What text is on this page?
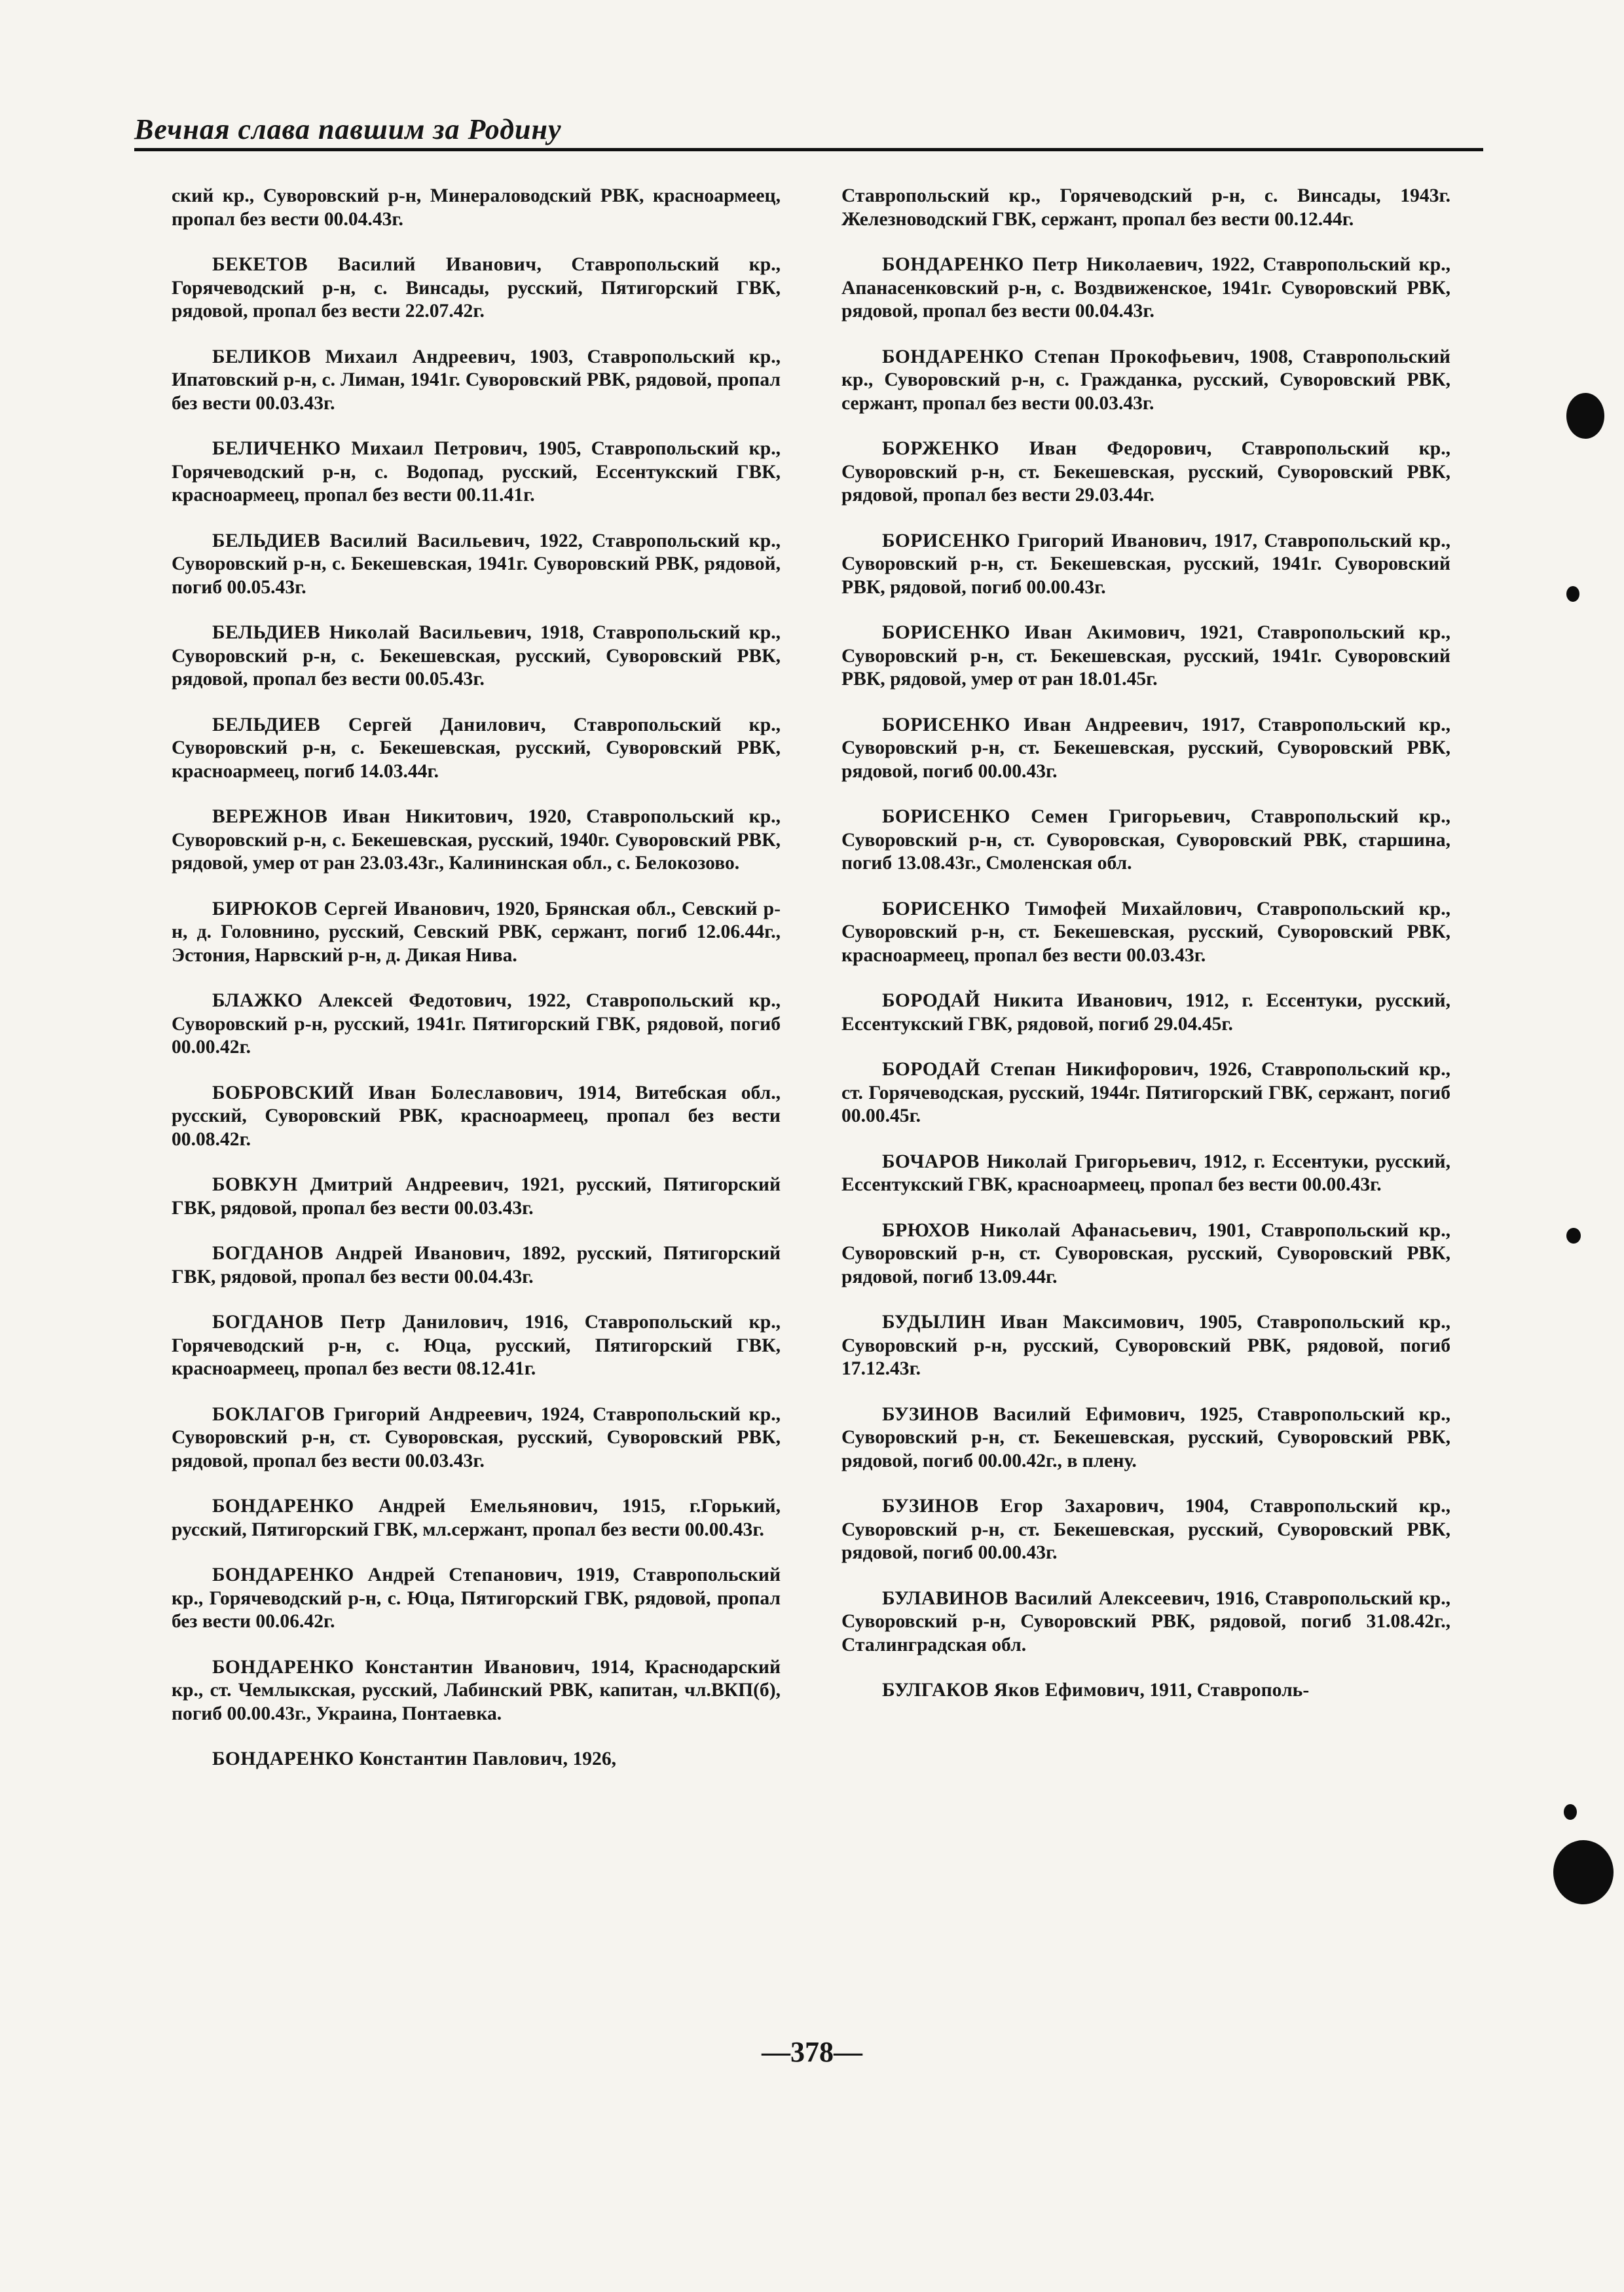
Вечная слава павшим за Родину

ский кр., Суворовский р-н, Минераловодский РВК, красноармеец, пропал без вести 00.04.43г.

БЕКЕТОВ Василий Иванович, Ставропольский кр., Горячеводский р-н, с. Винсады, русский, Пятигорский ГВК, рядовой, пропал без вести 22.07.42г.

БЕЛИКОВ Михаил Андреевич, 1903, Ставропольский кр., Ипатовский р-н, с. Лиман, 1941г. Суворовский РВК, рядовой, пропал без вести 00.03.43г.

БЕЛИЧЕНКО Михаил Петрович, 1905, Ставропольский кр., Горячеводский р-н, с. Водопад, русский, Ессентукский ГВК, красноармеец, пропал без вести 00.11.41г.

БЕЛЬДИЕВ Василий Васильевич, 1922, Ставропольский кр., Суворовский р-н, с. Бекешевская, 1941г. Суворовский РВК, рядовой, погиб 00.05.43г.

БЕЛЬДИЕВ Николай Васильевич, 1918, Ставропольский кр., Суворовский р-н, с. Бекешевская, русский, Суворовский РВК, рядовой, пропал без вести 00.05.43г.

БЕЛЬДИЕВ Сергей Данилович, Ставропольский кр., Суворовский р-н, с. Бекешевская, русский, Суворовский РВК, красноармеец, погиб 14.03.44г.

ВЕРЕЖНОВ Иван Никитович, 1920, Ставропольский кр., Суворовский р-н, с. Бекешевская, русский, 1940г. Суворовский РВК, рядовой, умер от ран 23.03.43г., Калининская обл., с. Белокозово.

БИРЮКОВ Сергей Иванович, 1920, Брянская обл., Севский р-н, д. Головнино, русский, Севский РВК, сержант, погиб 12.06.44г., Эстония, Нарвский р-н, д. Дикая Нива.

БЛАЖКО Алексей Федотович, 1922, Ставропольский кр., Суворовский р-н, русский, 1941г. Пятигорский ГВК, рядовой, погиб 00.00.42г.

БОБРОВСКИЙ Иван Болеславович, 1914, Витебская обл., русский, Суворовский РВК, красноармеец, пропал без вести 00.08.42г.

БОВКУН Дмитрий Андреевич, 1921, русский, Пятигорский ГВК, рядовой, пропал без вести 00.03.43г.

БОГДАНОВ Андрей Иванович, 1892, русский, Пятигорский ГВК, рядовой, пропал без вести 00.04.43г.

БОГДАНОВ Петр Данилович, 1916, Ставропольский кр., Горячеводский р-н, с. Юца, русский, Пятигорский ГВК, красноармеец, пропал без вести 08.12.41г.

БОКЛАГОВ Григорий Андреевич, 1924, Ставропольский кр., Суворовский р-н, ст. Суворовская, русский, Суворовский РВК, рядовой, пропал без вести 00.03.43г.

БОНДАРЕНКО Андрей Емельянович, 1915, г.Горький, русский, Пятигорский ГВК, мл.сержант, пропал без вести 00.00.43г.

БОНДАРЕНКО Андрей Степанович, 1919, Ставропольский кр., Горячеводский р-н, с. Юца, Пятигорский ГВК, рядовой, пропал без вести 00.06.42г.

БОНДАРЕНКО Константин Иванович, 1914, Краснодарский кр., ст. Чемлыкская, русский, Лабинский РВК, капитан, чл.ВКП(б), погиб 00.00.43г., Украина, Понтаевка.

БОНДАРЕНКО Константин Павлович, 1926,

Ставропольский кр., Горячеводский р-н, с. Винсады, 1943г. Железноводский ГВК, сержант, пропал без вести 00.12.44г.

БОНДАРЕНКО Петр Николаевич, 1922, Ставропольский кр., Апанасенковский р-н, с. Воздвиженское, 1941г. Суворовский РВК, рядовой, пропал без вести 00.04.43г.

БОНДАРЕНКО Степан Прокофьевич, 1908, Ставропольский кр., Суворовский р-н, с. Гражданка, русский, Суворовский РВК, сержант, пропал без вести 00.03.43г.

БОРЖЕНКО Иван Федорович, Ставропольский кр., Суворовский р-н, ст. Бекешевская, русский, Суворовский РВК, рядовой, пропал без вести 29.03.44г.

БОРИСЕНКО Григорий Иванович, 1917, Ставропольский кр., Суворовский р-н, ст. Бекешевская, русский, 1941г. Суворовский РВК, рядовой, погиб 00.00.43г.

БОРИСЕНКО Иван Акимович, 1921, Ставропольский кр., Суворовский р-н, ст. Бекешевская, русский, 1941г. Суворовский РВК, рядовой, умер от ран 18.01.45г.

БОРИСЕНКО Иван Андреевич, 1917, Ставропольский кр., Суворовский р-н, ст. Бекешевская, русский, Суворовский РВК, рядовой, погиб 00.00.43г.

БОРИСЕНКО Семен Григорьевич, Ставропольский кр., Суворовский р-н, ст. Суворовская, Суворовский РВК, старшина, погиб 13.08.43г., Смоленская обл.

БОРИСЕНКО Тимофей Михайлович, Ставропольский кр., Суворовский р-н, ст. Бекешевская, русский, Суворовский РВК, красноармеец, пропал без вести 00.03.43г.

БОРОДАЙ Никита Иванович, 1912, г. Ессентуки, русский, Ессентукский ГВК, рядовой, погиб 29.04.45г.

БОРОДАЙ Степан Никифорович, 1926, Ставропольский кр., ст. Горячеводская, русский, 1944г. Пятигорский ГВК, сержант, погиб 00.00.45г.

БОЧАРОВ Николай Григорьевич, 1912, г. Ессентуки, русский, Ессентукский ГВК, красноармеец, пропал без вести 00.00.43г.

БРЮХОВ Николай Афанасьевич, 1901, Ставропольский кр., Суворовский р-н, ст. Суворовская, русский, Суворовский РВК, рядовой, погиб 13.09.44г.

БУДЫЛИН Иван Максимович, 1905, Ставропольский кр., Суворовский р-н, русский, Суворовский РВК, рядовой, погиб 17.12.43г.

БУЗИНОВ Василий Ефимович, 1925, Ставропольский кр., Суворовский р-н, ст. Бекешевская, русский, Суворовский РВК, рядовой, погиб 00.00.42г., в плену.

БУЗИНОВ Егор Захарович, 1904, Ставропольский кр., Суворовский р-н, ст. Бекешевская, русский, Суворовский РВК, рядовой, погиб 00.00.43г.

БУЛАВИНОВ Василий Алексеевич, 1916, Ставропольский кр., Суворовский р-н, Суворовский РВК, рядовой, погиб 31.08.42г., Сталинградская обл.

БУЛГАКОВ Яков Ефимович, 1911, Ставрополь-

—378—
